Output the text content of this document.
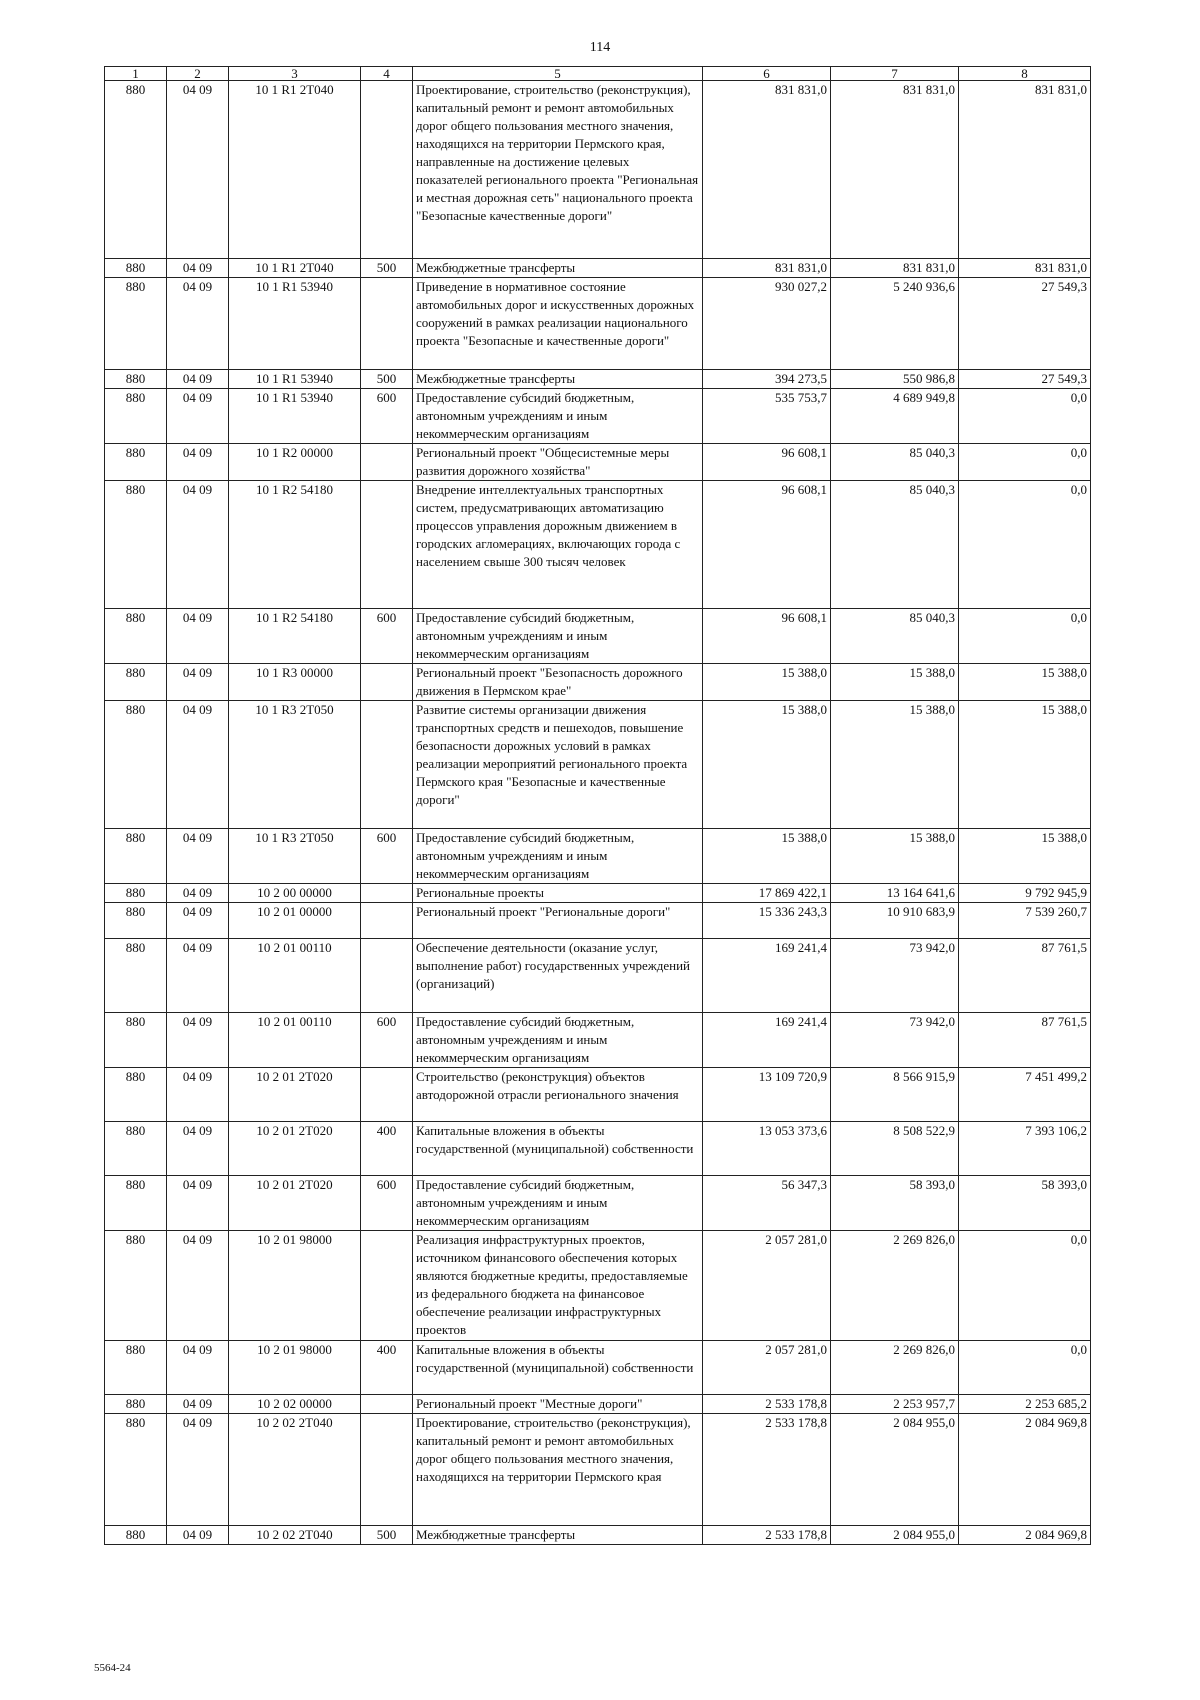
114
1	2	3	4	5	6	7	8
880	04 09	10 1 R1 2T040		Проектирование, строительство (реконструкция), капитальный ремонт и ремонт автомобильных дорог общего пользования местного значения, находящихся на территории Пермского края, направленные на достижение целевых показателей регионального проекта "Региональная и местная дорожная сеть" национального проекта "Безопасные качественные дороги"	831 831,0	831 831,0	831 831,0
880	04 09	10 1 R1 2T040	500	Межбюджетные трансферты	831 831,0	831 831,0	831 831,0
880	04 09	10 1 R1 53940		Приведение в нормативное состояние автомобильных дорог и искусственных дорожных сооружений в рамках реализации национального проекта "Безопасные и качественные дороги"	930 027,2	5 240 936,6	27 549,3
880	04 09	10 1 R1 53940	500	Межбюджетные трансферты	394 273,5	550 986,8	27 549,3
880	04 09	10 1 R1 53940	600	Предоставление субсидий бюджетным, автономным учреждениям и иным некоммерческим организациям	535 753,7	4 689 949,8	0,0
880	04 09	10 1 R2 00000		Региональный проект "Общесистемные меры развития дорожного хозяйства"	96 608,1	85 040,3	0,0
880	04 09	10 1 R2 54180		Внедрение интеллектуальных транспортных систем, предусматривающих автоматизацию процессов управления дорожным движением в городских агломерациях, включающих города с населением свыше 300 тысяч человек	96 608,1	85 040,3	0,0
880	04 09	10 1 R2 54180	600	Предоставление субсидий бюджетным, автономным учреждениям и иным некоммерческим организациям	96 608,1	85 040,3	0,0
880	04 09	10 1 R3 00000		Региональный проект "Безопасность дорожного движения в Пермском крае"	15 388,0	15 388,0	15 388,0
880	04 09	10 1 R3 2T050		Развитие системы организации движения транспортных средств и пешеходов, повышение безопасности дорожных условий в рамках реализации мероприятий регионального проекта Пермского края "Безопасные и качественные дороги"	15 388,0	15 388,0	15 388,0
880	04 09	10 1 R3 2T050	600	Предоставление субсидий бюджетным, автономным учреждениям и иным некоммерческим организациям	15 388,0	15 388,0	15 388,0
880	04 09	10 2 00 00000		Региональные проекты	17 869 422,1	13 164 641,6	9 792 945,9
880	04 09	10 2 01 00000		Региональный проект "Региональные дороги"	15 336 243,3	10 910 683,9	7 539 260,7
880	04 09	10 2 01 00110		Обеспечение деятельности (оказание услуг, выполнение работ) государственных учреждений (организаций)	169 241,4	73 942,0	87 761,5
880	04 09	10 2 01 00110	600	Предоставление субсидий бюджетным, автономным учреждениям и иным некоммерческим организациям	169 241,4	73 942,0	87 761,5
880	04 09	10 2 01 2T020		Строительство (реконструкция) объектов автодорожной отрасли регионального значения	13 109 720,9	8 566 915,9	7 451 499,2
880	04 09	10 2 01 2T020	400	Капитальные вложения в объекты государственной (муниципальной) собственности	13 053 373,6	8 508 522,9	7 393 106,2
880	04 09	10 2 01 2T020	600	Предоставление субсидий бюджетным, автономным учреждениям и иным некоммерческим организациям	56 347,3	58 393,0	58 393,0
880	04 09	10 2 01 98000		Реализация инфраструктурных проектов, источником финансового обеспечения которых являются бюджетные кредиты, предоставляемые из федерального бюджета на финансовое обеспечение реализации инфраструктурных проектов	2 057 281,0	2 269 826,0	0,0
880	04 09	10 2 01 98000	400	Капитальные вложения в объекты государственной (муниципальной) собственности	2 057 281,0	2 269 826,0	0,0
880	04 09	10 2 02 00000		Региональный проект "Местные дороги"	2 533 178,8	2 253 957,7	2 253 685,2
880	04 09	10 2 02 2T040		Проектирование, строительство (реконструкция), капитальный ремонт и ремонт автомобильных дорог общего пользования местного значения, находящихся на территории Пермского края	2 533 178,8	2 084 955,0	2 084 969,8
880	04 09	10 2 02 2T040	500	Межбюджетные трансферты	2 533 178,8	2 084 955,0	2 084 969,8
5564-24
